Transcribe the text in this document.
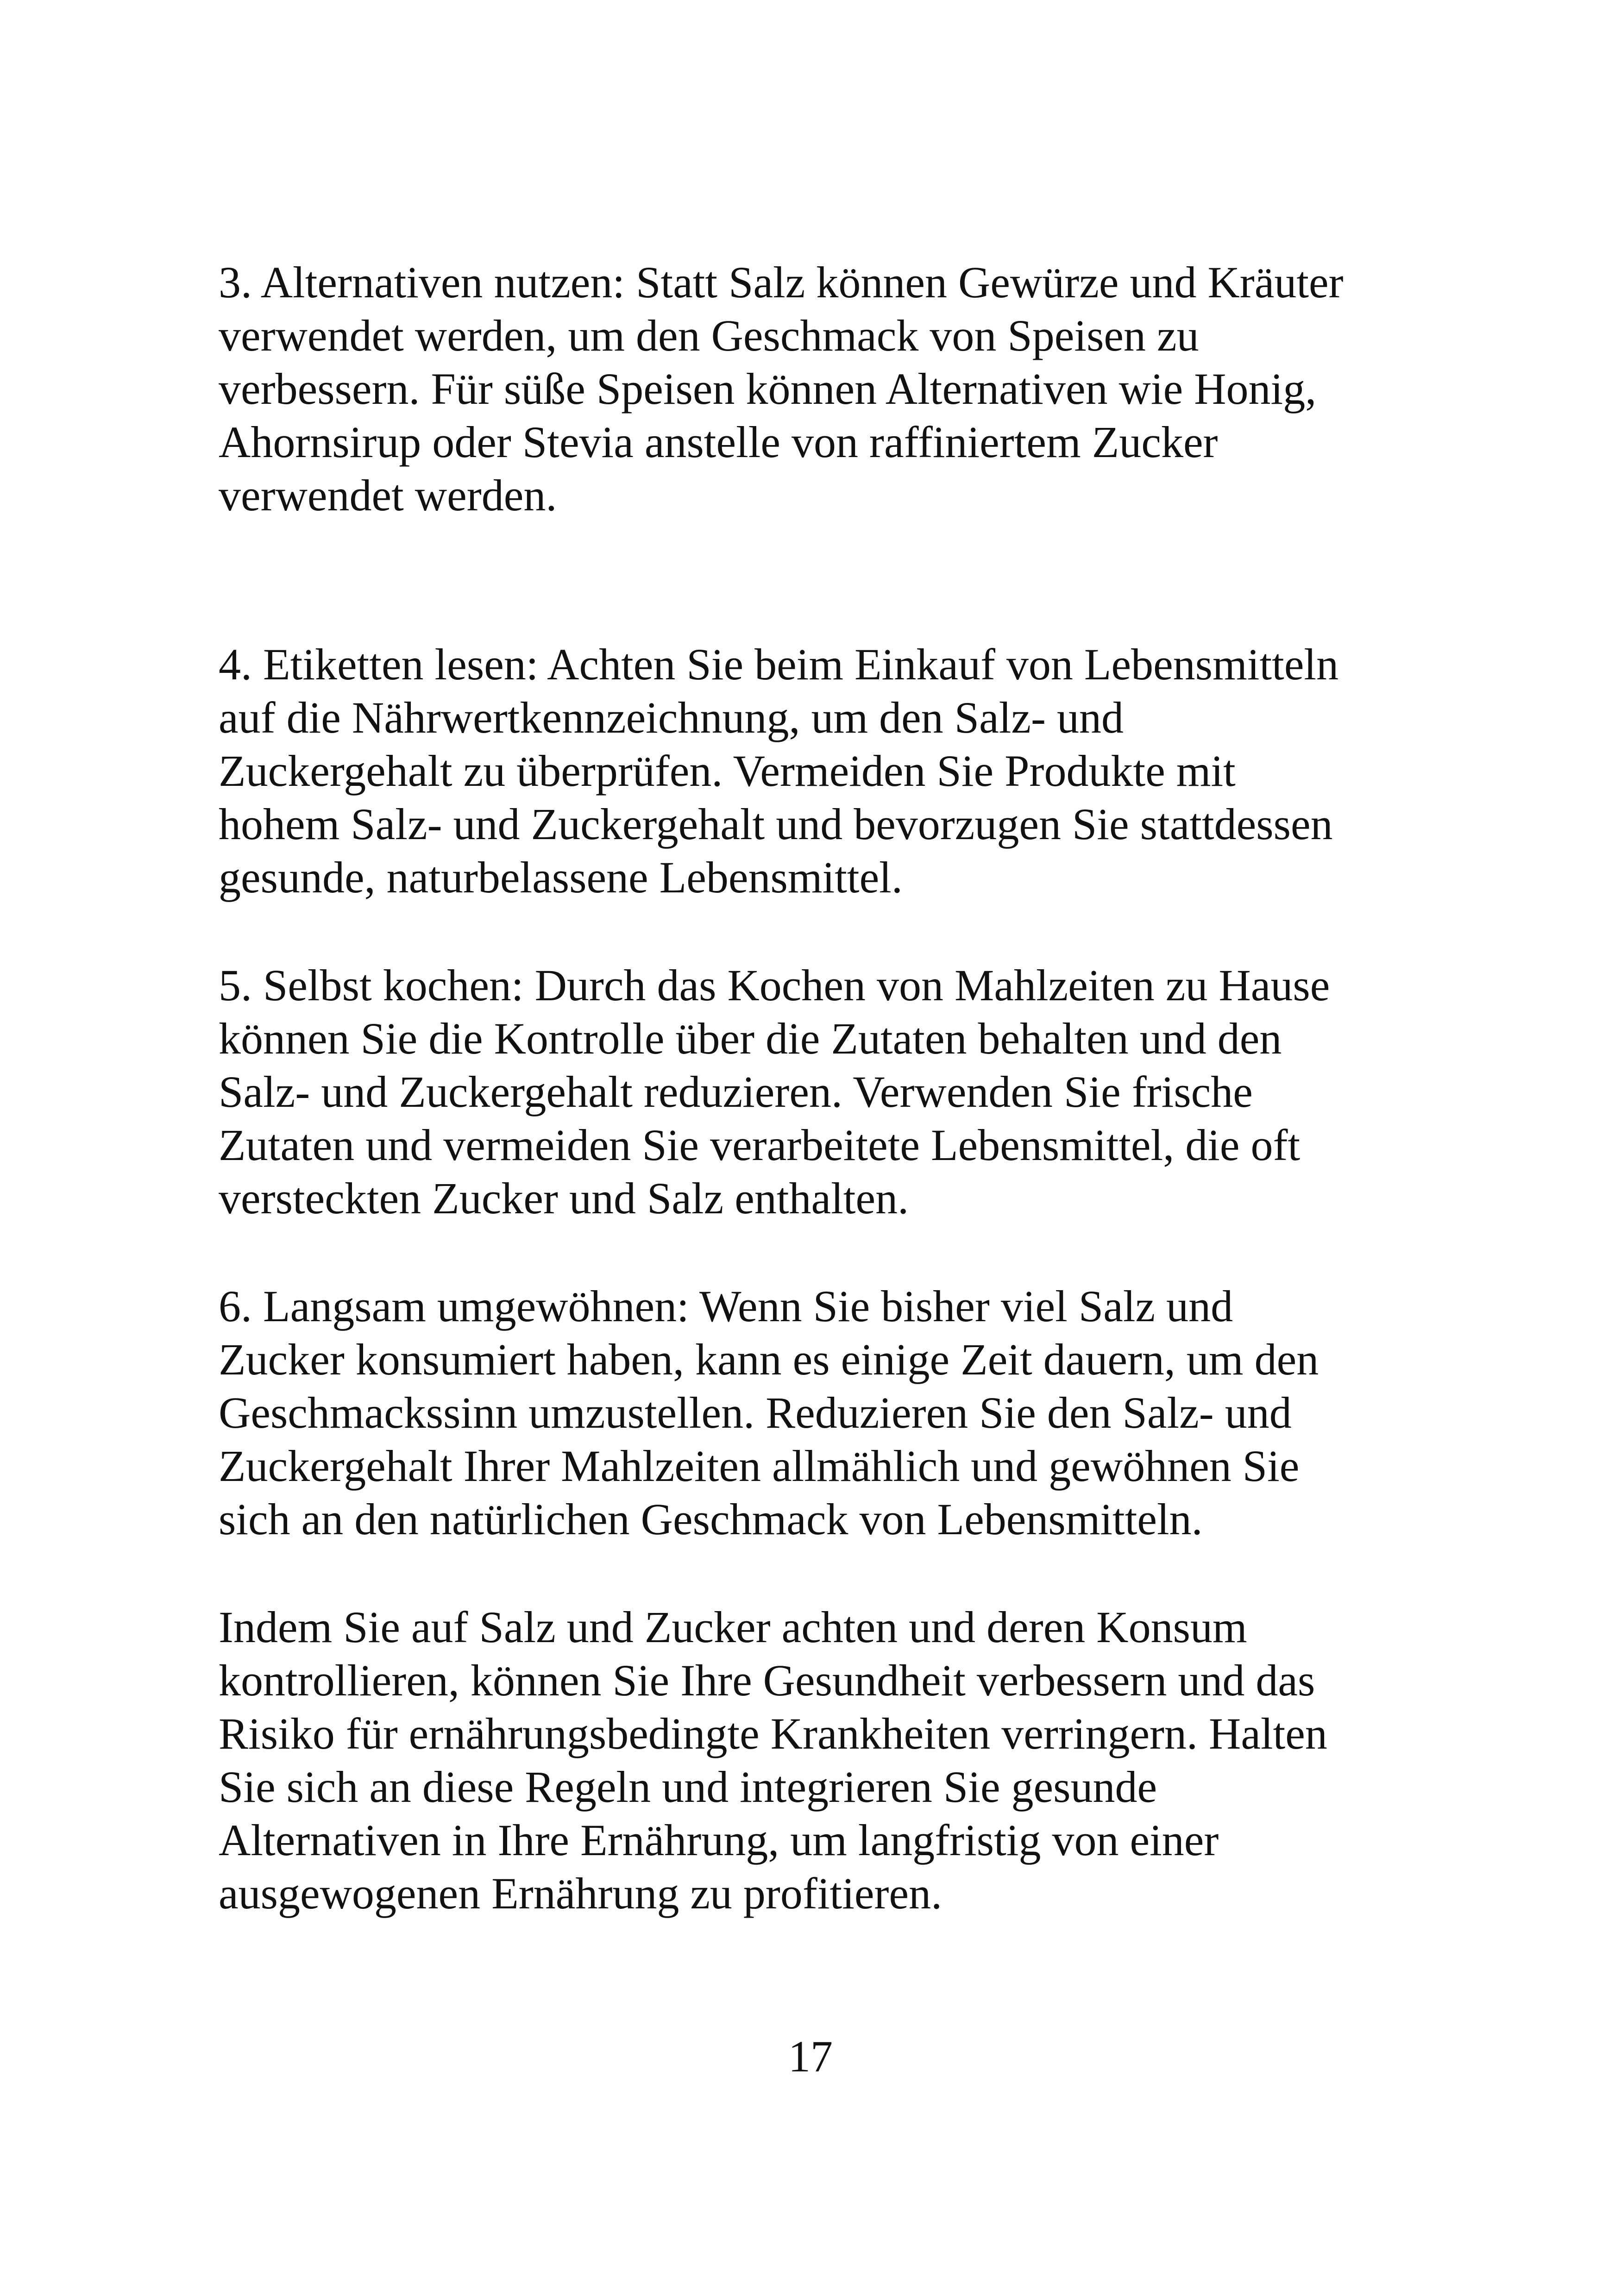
3. Alternativen nutzen: Statt Salz können Gewürze und Kräuter
verwendet werden, um den Geschmack von Speisen zu
verbessern. Für süße Speisen können Alternativen wie Honig,
Ahornsirup oder Stevia anstelle von raffiniertem Zucker
verwendet werden.

4. Etiketten lesen: Achten Sie beim Einkauf von Lebensmitteln
auf die Nährwertkennzeichnung, um den Salz- und
Zuckergehalt zu überprüfen. Vermeiden Sie Produkte mit
hohem Salz- und Zuckergehalt und bevorzugen Sie stattdessen
gesunde, naturbelassene Lebensmittel.

5. Selbst kochen: Durch das Kochen von Mahlzeiten zu Hause
können Sie die Kontrolle über die Zutaten behalten und den
Salz- und Zuckergehalt reduzieren. Verwenden Sie frische
Zutaten und vermeiden Sie verarbeitete Lebensmittel, die oft
versteckten Zucker und Salz enthalten.

6. Langsam umgewöhnen: Wenn Sie bisher viel Salz und
Zucker konsumiert haben, kann es einige Zeit dauern, um den
Geschmackssinn umzustellen. Reduzieren Sie den Salz- und
Zuckergehalt Ihrer Mahlzeiten allmählich und gewöhnen Sie
sich an den natürlichen Geschmack von Lebensmitteln.

Indem Sie auf Salz und Zucker achten und deren Konsum
kontrollieren, können Sie Ihre Gesundheit verbessern und das
Risiko für ernährungsbedingte Krankheiten verringern. Halten
Sie sich an diese Regeln und integrieren Sie gesunde
Alternativen in Ihre Ernährung, um langfristig von einer
ausgewogenen Ernährung zu profitieren.

17
